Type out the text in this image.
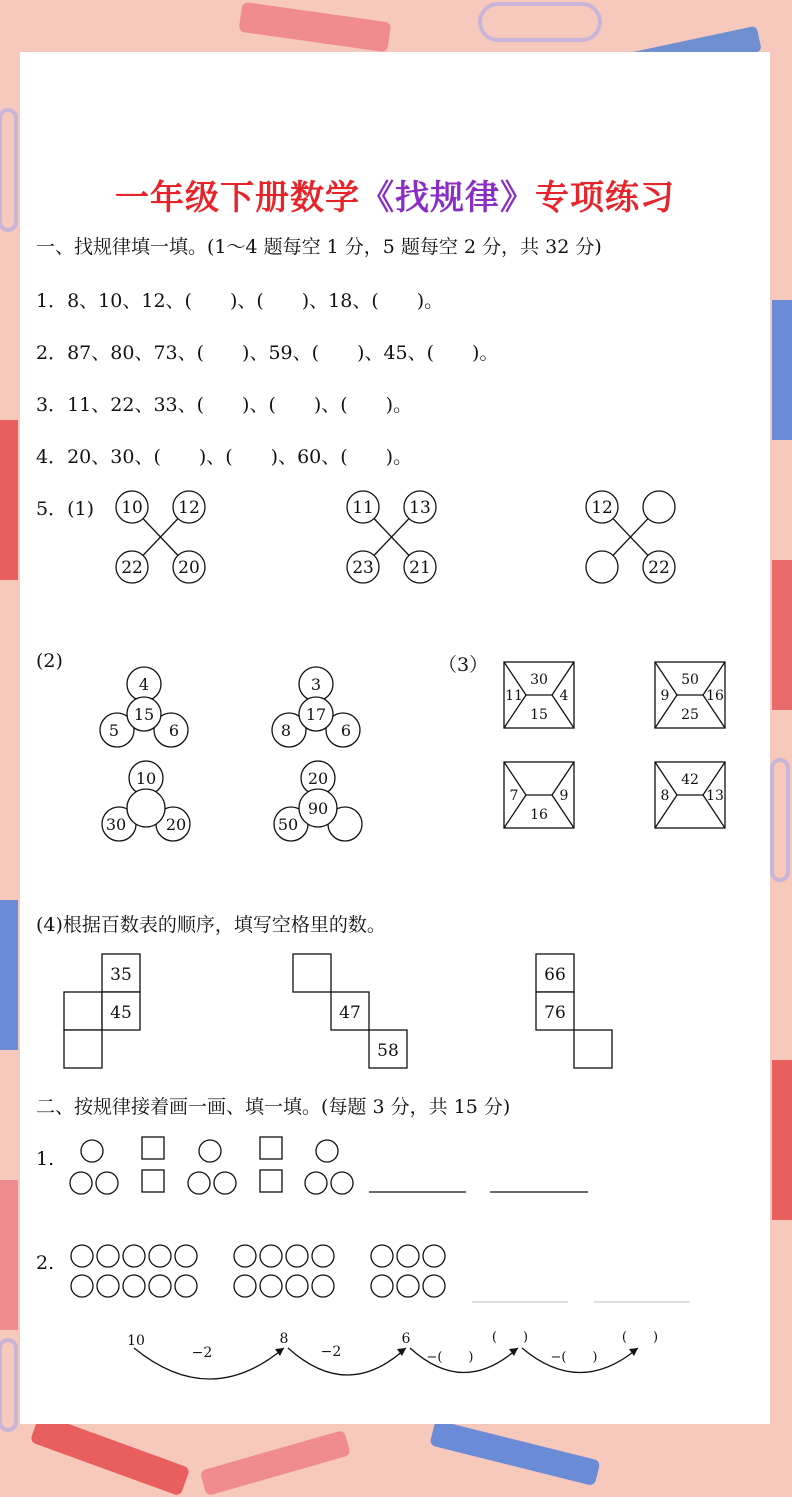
一年级下册数学《找规律》专项练习
一、找规律填一填。(1～4 题每空 1 分，5 题每空 2 分，共 32 分)
1．8、10、12、(　　)、(　　)、18、(　　)。
2．87、80、73、(　　)、59、(　　)、45、(　　)。
3．11、22、33、(　　)、(　　)、(　　)。
4．20、30、(　　)、(　　)、60、(　　)。
5．(1)
(2)	（3）
(4)根据百数表的顺序，填写空格里的数。
二、按规律接着画一画、填一填。(每题 3 分，共 15 分)
1.
2.
10 12
22 20
11 13
23 21
12
22
4
15
5	6
3
17
8	6
10
30 20
20
90
50
30
11	4
15
50
9	16
25
7	9
16
42
8	13
35
45	47
58
66
76
10	8	6	(　　)	(　　)
−2	−2	−(　　)	−(　　)
